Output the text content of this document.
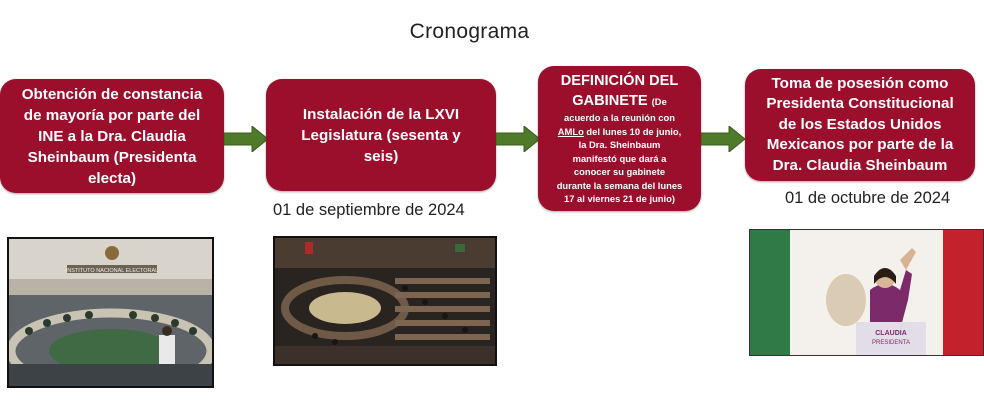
Cronograma
Obtención de constancia
de mayoría por parte del
INE a la Dra. Claudia
Sheinbaum (Presidenta
electa)
Instalación de la LXVI
Legislatura (sesenta y
seis)
DEFINICIÓN DEL
GABINETE (De
acuerdo a la reunión con
AMLo del lunes 10 de junio,
la Dra. Sheinbaum
manifestó que dará a
conocer su gabinete
durante la semana del lunes
17 al viernes 21 de junio)
Toma de posesión como
Presidenta Constitucional
de los Estados Unidos
Mexicanos por parte de la
Dra. Claudia Sheinbaum
01 de septiembre de 2024
01 de octubre de 2024
INSTITUTO NACIONAL ELECTORAL
CLAUDIA
PRESIDENTA
